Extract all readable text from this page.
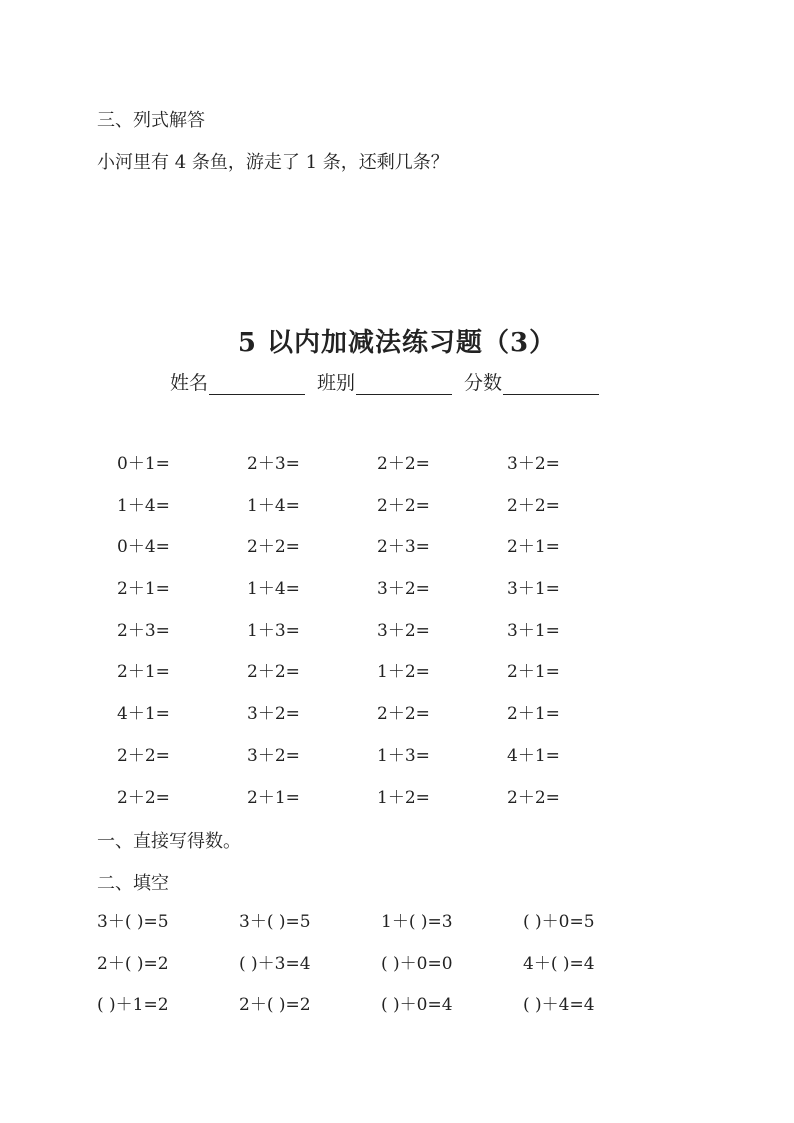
三、列式解答
小河里有 4 条鱼，游走了 1 条，还剩几条？
5 以内加减法练习题（3）
姓名	班别	分数
0＋1=	2＋3=	2＋2=	3＋2=
1＋4=	1＋4=	2＋2=	2＋2=
0＋4=	2＋2=	2＋3=	2＋1=
2＋1=	1＋4=	3＋2=	3＋1=
2＋3=	1＋3=	3＋2=	3＋1=
2＋1=	2＋2=	1＋2=	2＋1=
4＋1=	3＋2=	2＋2=	2＋1=
2＋2=	3＋2=	1＋3=	4＋1=
2＋2=	2＋1=	1＋2=	2＋2=
一、直接写得数。
二、填空
3＋( )=5	3＋( )=5	1＋( )=3	( )＋0=5
2＋( )=2	( )＋3=4	( )＋0=0	4＋( )=4
( )＋1=2	2＋( )=2	( )＋0=4	( )＋4=4
